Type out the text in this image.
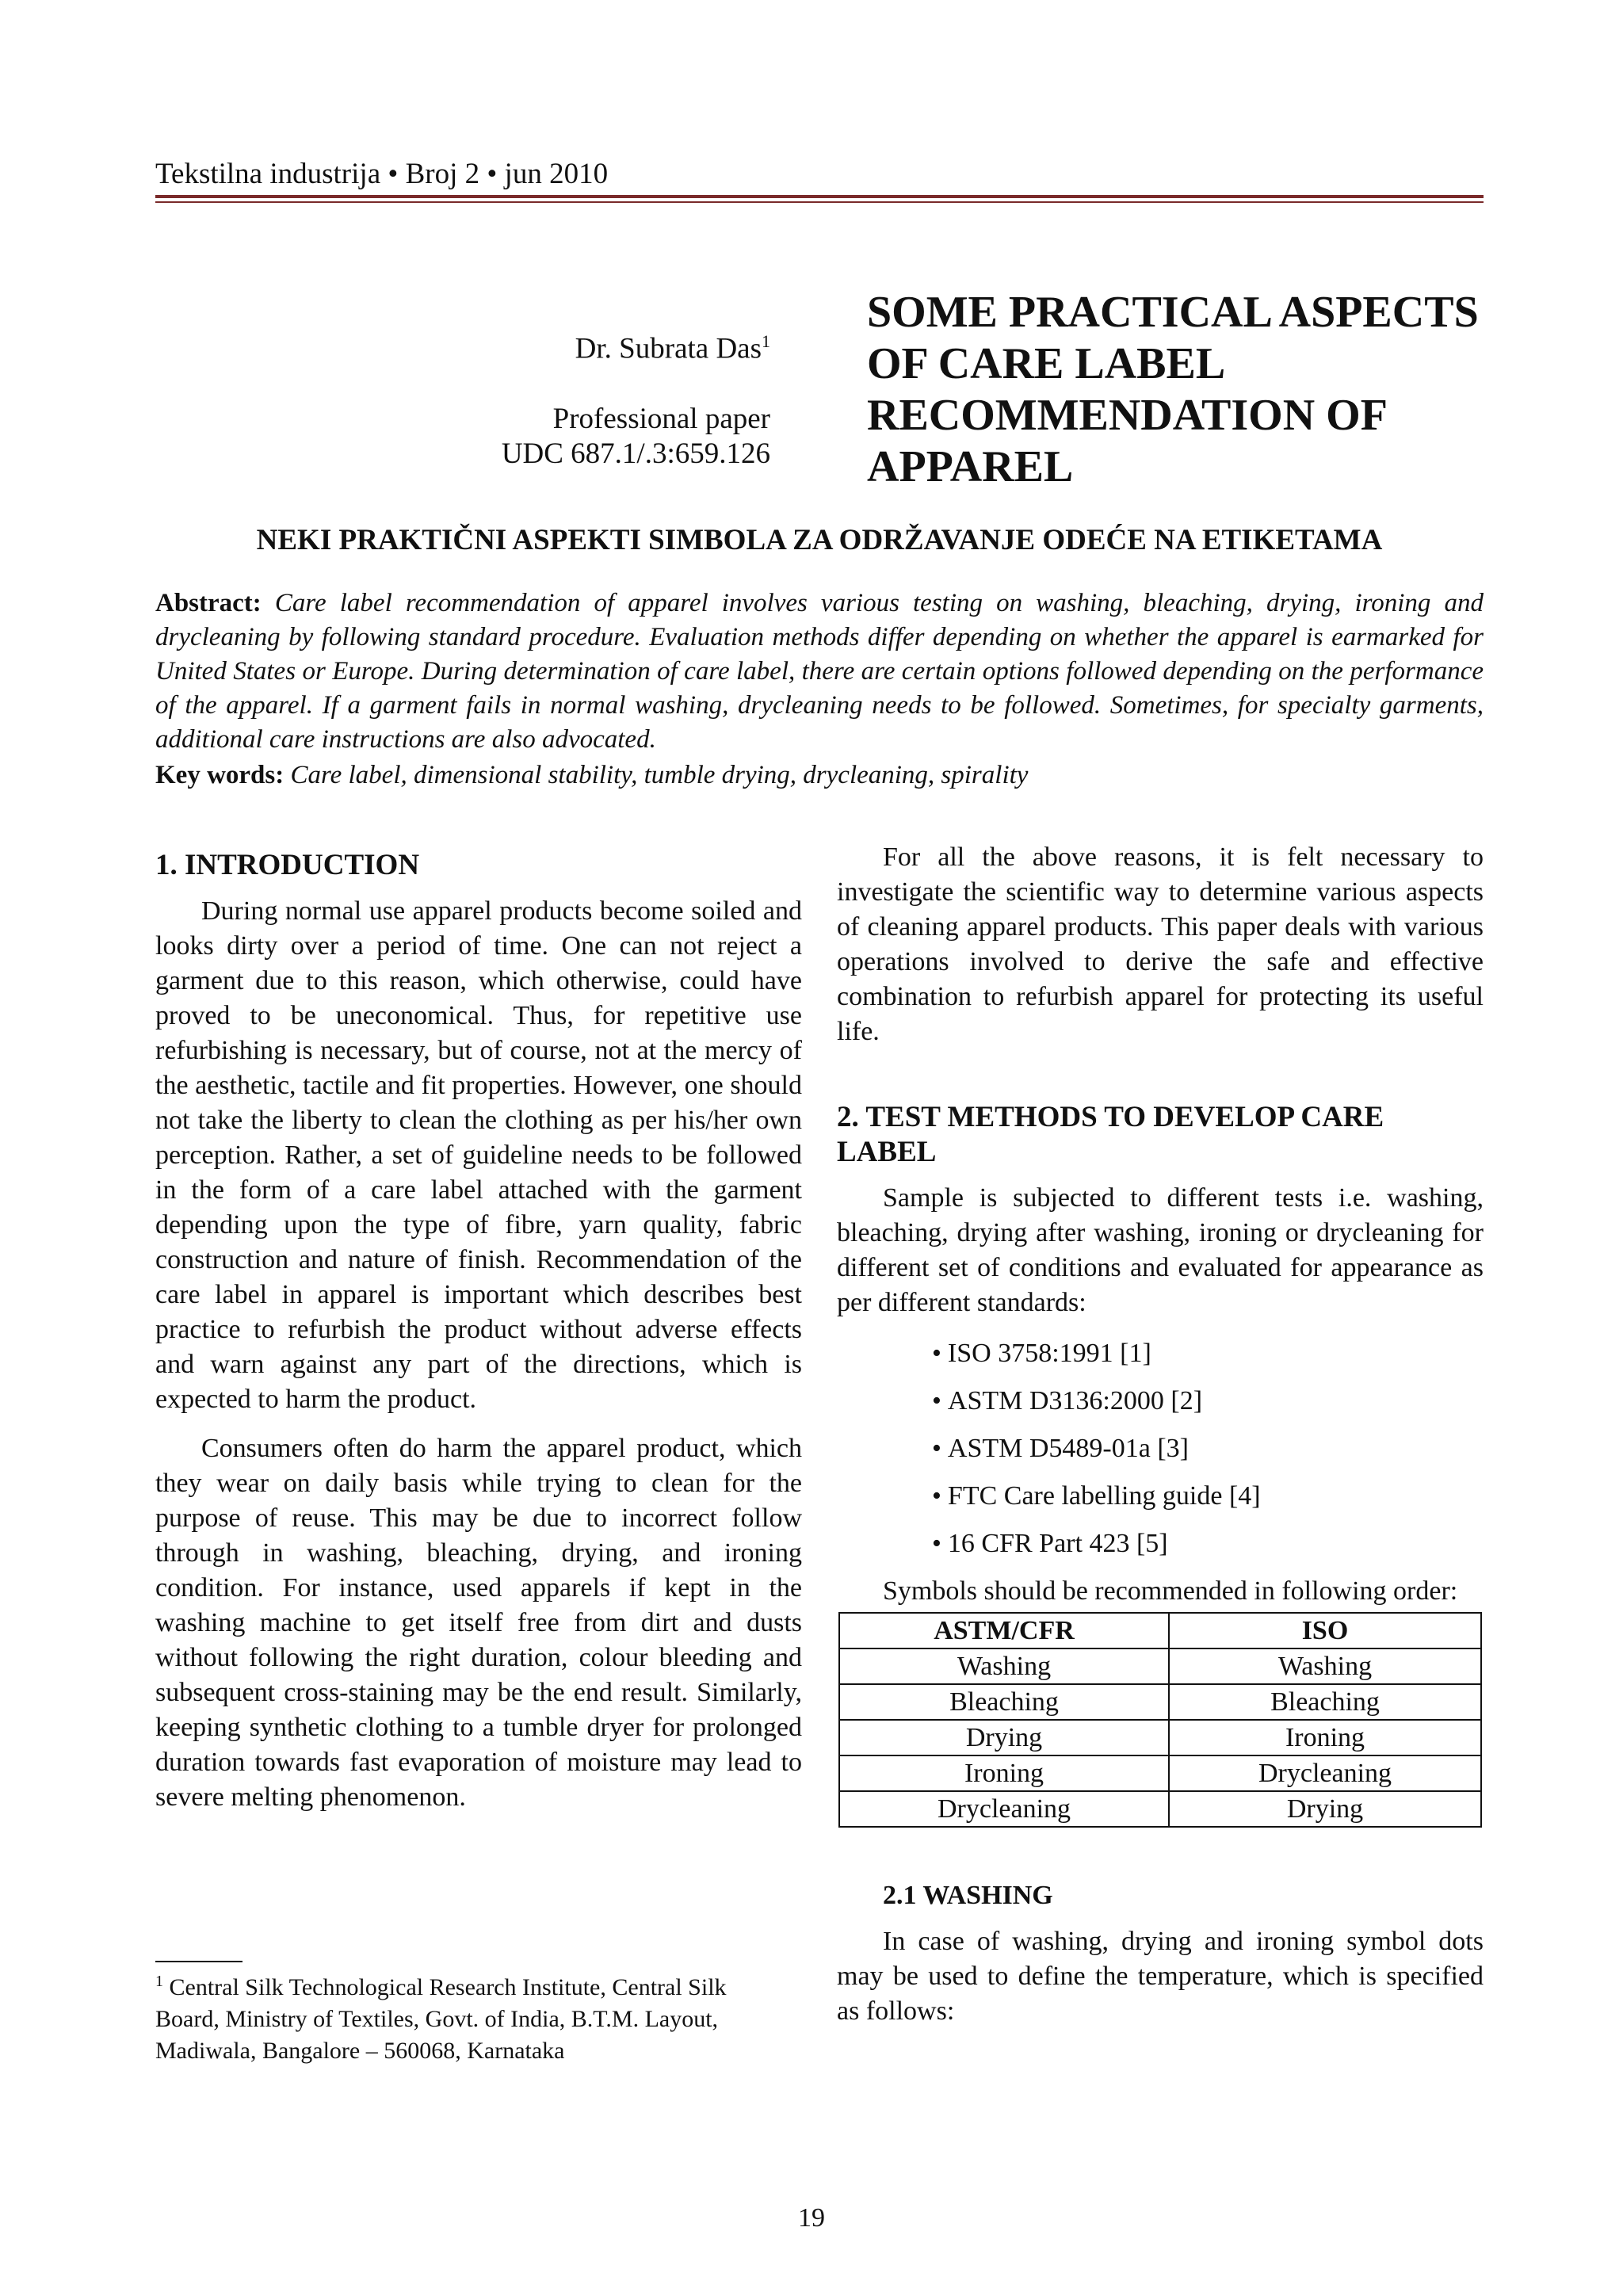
Tekstilna industrija • Broj 2 • jun 2010
Dr. Subrata Das$^1$
Professional paper
UDC 687.1/.3:659.126
SOME PRACTICAL ASPECTS OF CARE LABEL RECOMMENDATION OF APPAREL
NEKI PRAKTIČNI ASPEKTI SIMBOLA ZA ODRŽAVANJE ODEĆE NA ETIKETAMA
Abstract: Care label recommendation of apparel involves various testing on washing, bleaching, drying, ironing and drycleaning by following standard procedure. Evaluation methods differ depending on whether the apparel is earmarked for United States or Europe. During determination of care label, there are certain options followed depending on the performance of the apparel. If a garment fails in normal washing, drycleaning needs to be followed. Sometimes, for specialty garments, additional care instructions are also advocated.
Key words: Care label, dimensional stability, tumble drying, drycleaning, spirality
1. INTRODUCTION

During normal use apparel products become soiled and looks dirty over a period of time. One can not reject a garment due to this reason, which otherwise, could have proved to be uneconomical. Thus, for repetitive use refurbishing is necessary, but of course, not at the mercy of the aesthetic, tactile and fit properties. However, one should not take the liberty to clean the clothing as per his/her own perception. Rather, a set of guideline needs to be followed in the form of a care label attached with the garment depending upon the type of fibre, yarn quality, fabric construction and nature of finish. Recommendation of the care label in apparel is important which describes best practice to refurbish the product without adverse effects and warn against any part of the directions, which is expected to harm the product.

Consumers often do harm the apparel product, which they wear on daily basis while trying to clean for the purpose of reuse. This may be due to incorrect follow through in washing, bleaching, drying, and ironing condition. For instance, used apparels if kept in the washing machine to get itself free from dirt and dusts without following the right duration, colour bleeding and subsequent cross-staining may be the end result. Similarly, keeping synthetic clothing to a tumble dryer for prolonged duration towards fast evaporation of moisture may lead to severe melting phenomenon.

For all the above reasons, it is felt necessary to investigate the scientific way to determine various aspects of cleaning apparel products. This paper deals with various operations involved to derive the safe and effective combination to refurbish apparel for protecting its useful life.

2. TEST METHODS TO DEVELOP CARE LABEL

Sample is subjected to different tests i.e. washing, bleaching, drying after washing, ironing or drycleaning for different set of conditions and evaluated for appearance as per different standards:

• ISO 3758:1991 [1]
• ASTM D3136:2000 [2]
• ASTM D5489-01a [3]
• FTC Care labelling guide [4]
• 16 CFR Part 423 [5]

Symbols should be recommended in following order:

ASTM/CFR	ISO
Washing	Washing
Bleaching	Bleaching
Drying	Ironing
Ironing	Drycleaning
Drycleaning	Drying
2.1 WASHING

In case of washing, drying and ironing symbol dots may be used to define the temperature, which is specified as follows:

$^1$ Central Silk Technological Research Institute, Central Silk Board, Ministry of Textiles, Govt. of India, B.T.M. Layout, Madiwala, Bangalore – 560068, Karnataka
19
